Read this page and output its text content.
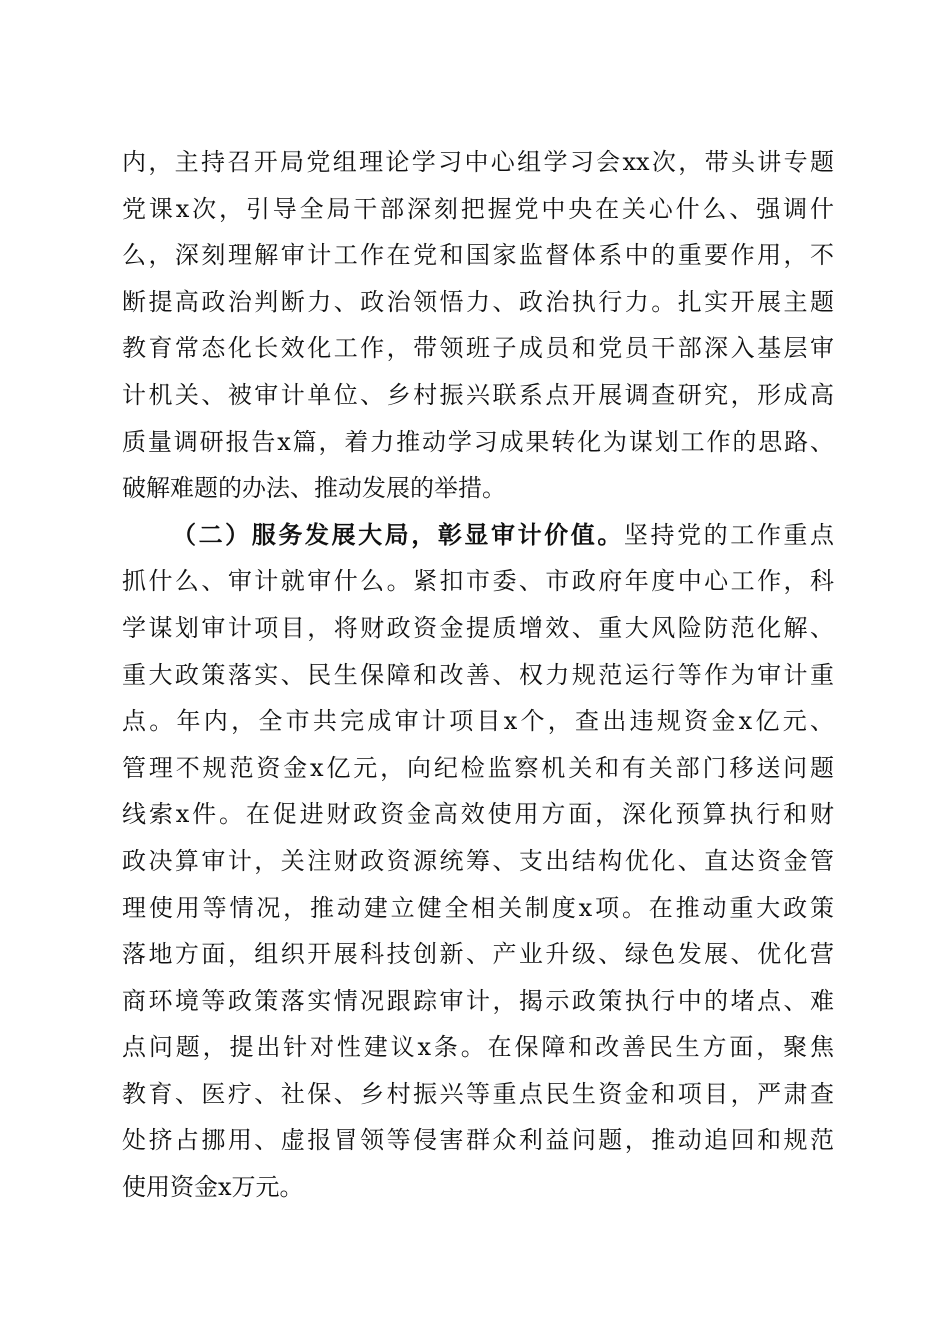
内，主持召开局党组理论学习中心组学习会xx次，带头讲专题
党课x次，引导全局干部深刻把握党中央在关心什么、强调什
么，深刻理解审计工作在党和国家监督体系中的重要作用，不
断提高政治判断力、政治领悟力、政治执行力。扎实开展主题
教育常态化长效化工作，带领班子成员和党员干部深入基层审
计机关、被审计单位、乡村振兴联系点开展调查研究，形成高
质量调研报告x篇，着力推动学习成果转化为谋划工作的思路、
破解难题的办法、推动发展的举措。
（二）服务发展大局，彰显审计价值。坚持党的工作重点
抓什么、审计就审什么。紧扣市委、市政府年度中心工作，科
学谋划审计项目，将财政资金提质增效、重大风险防范化解、
重大政策落实、民生保障和改善、权力规范运行等作为审计重
点。年内，全市共完成审计项目x个，查出违规资金x亿元、
管理不规范资金x亿元，向纪检监察机关和有关部门移送问题
线索x件。在促进财政资金高效使用方面，深化预算执行和财
政决算审计，关注财政资源统筹、支出结构优化、直达资金管
理使用等情况，推动建立健全相关制度x项。在推动重大政策
落地方面，组织开展科技创新、产业升级、绿色发展、优化营
商环境等政策落实情况跟踪审计，揭示政策执行中的堵点、难
点问题，提出针对性建议x条。在保障和改善民生方面，聚焦
教育、医疗、社保、乡村振兴等重点民生资金和项目，严肃查
处挤占挪用、虚报冒领等侵害群众利益问题，推动追回和规范
使用资金x万元。
